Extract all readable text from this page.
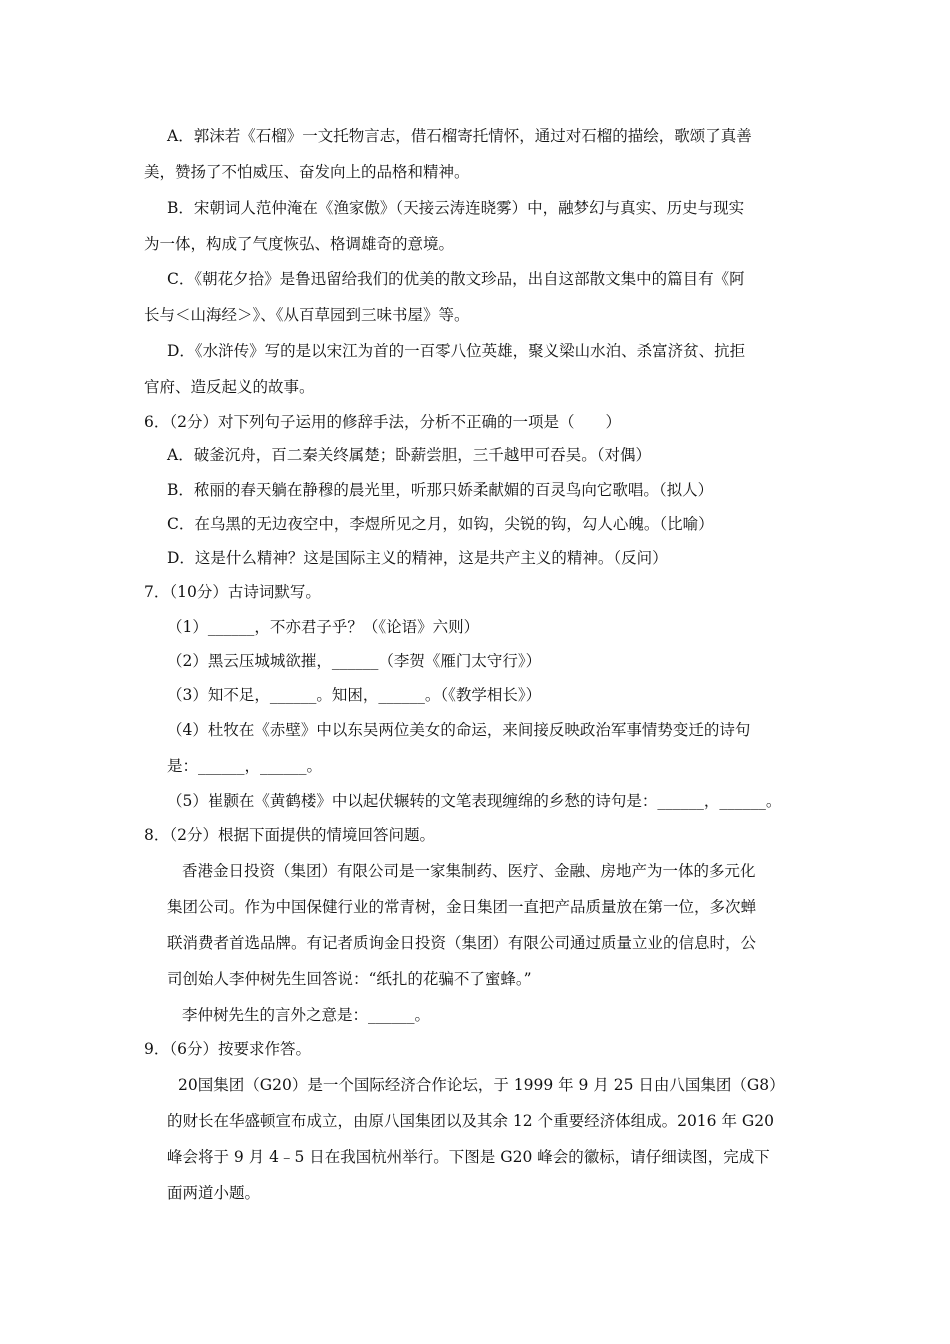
A．郭沫若《石榴》一文托物言志，借石榴寄托情怀，通过对石榴的描绘，歌颂了真善
美，赞扬了不怕威压、奋发向上的品格和精神。
B．宋朝词人范仲淹在《渔家傲》（天接云涛连晓雾）中，融梦幻与真实、历史与现实
为一体，构成了气度恢弘、格调雄奇的意境。
C．《朝花夕拾》是鲁迅留给我们的优美的散文珍品，出自这部散文集中的篇目有《阿
长与＜山海经＞》、《从百草园到三味书屋》等。
D．《水浒传》写的是以宋江为首的一百零八位英雄，聚义梁山水泊、杀富济贫、抗拒
官府、造反起义的故事。
6．（2分）对下列句子运用的修辞手法，分析不正确的一项是（　　）
A．破釜沉舟，百二秦关终属楚；卧薪尝胆，三千越甲可吞吴。（对偶）
B．秾丽的春天躺在静穆的晨光里，听那只娇柔献媚的百灵鸟向它歌唱。（拟人）
C．在乌黑的无边夜空中，李煜所见之月，如钩，尖锐的钩，勾人心魄。（比喻）
D．这是什么精神？这是国际主义的精神，这是共产主义的精神。（反问）
7．（10分）古诗词默写。
（1）______，不亦君子乎？（《论语》六则）
（2）黑云压城城欲摧，______（李贺《雁门太守行》）
（3）知不足，______。知困，______。（《教学相长》）
（4）杜牧在《赤壁》中以东吴两位美女的命运，来间接反映政治军事情势变迁的诗句
是：______，______。
（5）崔颢在《黄鹤楼》中以起伏辗转的文笔表现缠绵的乡愁的诗句是：______，______。
8．（2分）根据下面提供的情境回答问题。
香港金日投资（集团）有限公司是一家集制药、医疗、金融、房地产为一体的多元化
集团公司。作为中国保健行业的常青树，金日集团一直把产品质量放在第一位，多次蝉
联消费者首选品牌。有记者质询金日投资（集团）有限公司通过质量立业的信息时，公
司创始人李仲树先生回答说：“纸扎的花骗不了蜜蜂。”
李仲树先生的言外之意是：______。
9．（6分）按要求作答。
20国集团（G20）是一个国际经济合作论坛，于 1999 年 9 月 25 日由八国集团（G8）
的财长在华盛顿宣布成立，由原八国集团以及其余 12 个重要经济体组成。2016 年 G20
峰会将于 9 月 4﹣5 日在我国杭州举行。下图是 G20 峰会的徽标，请仔细读图，完成下
面两道小题。
